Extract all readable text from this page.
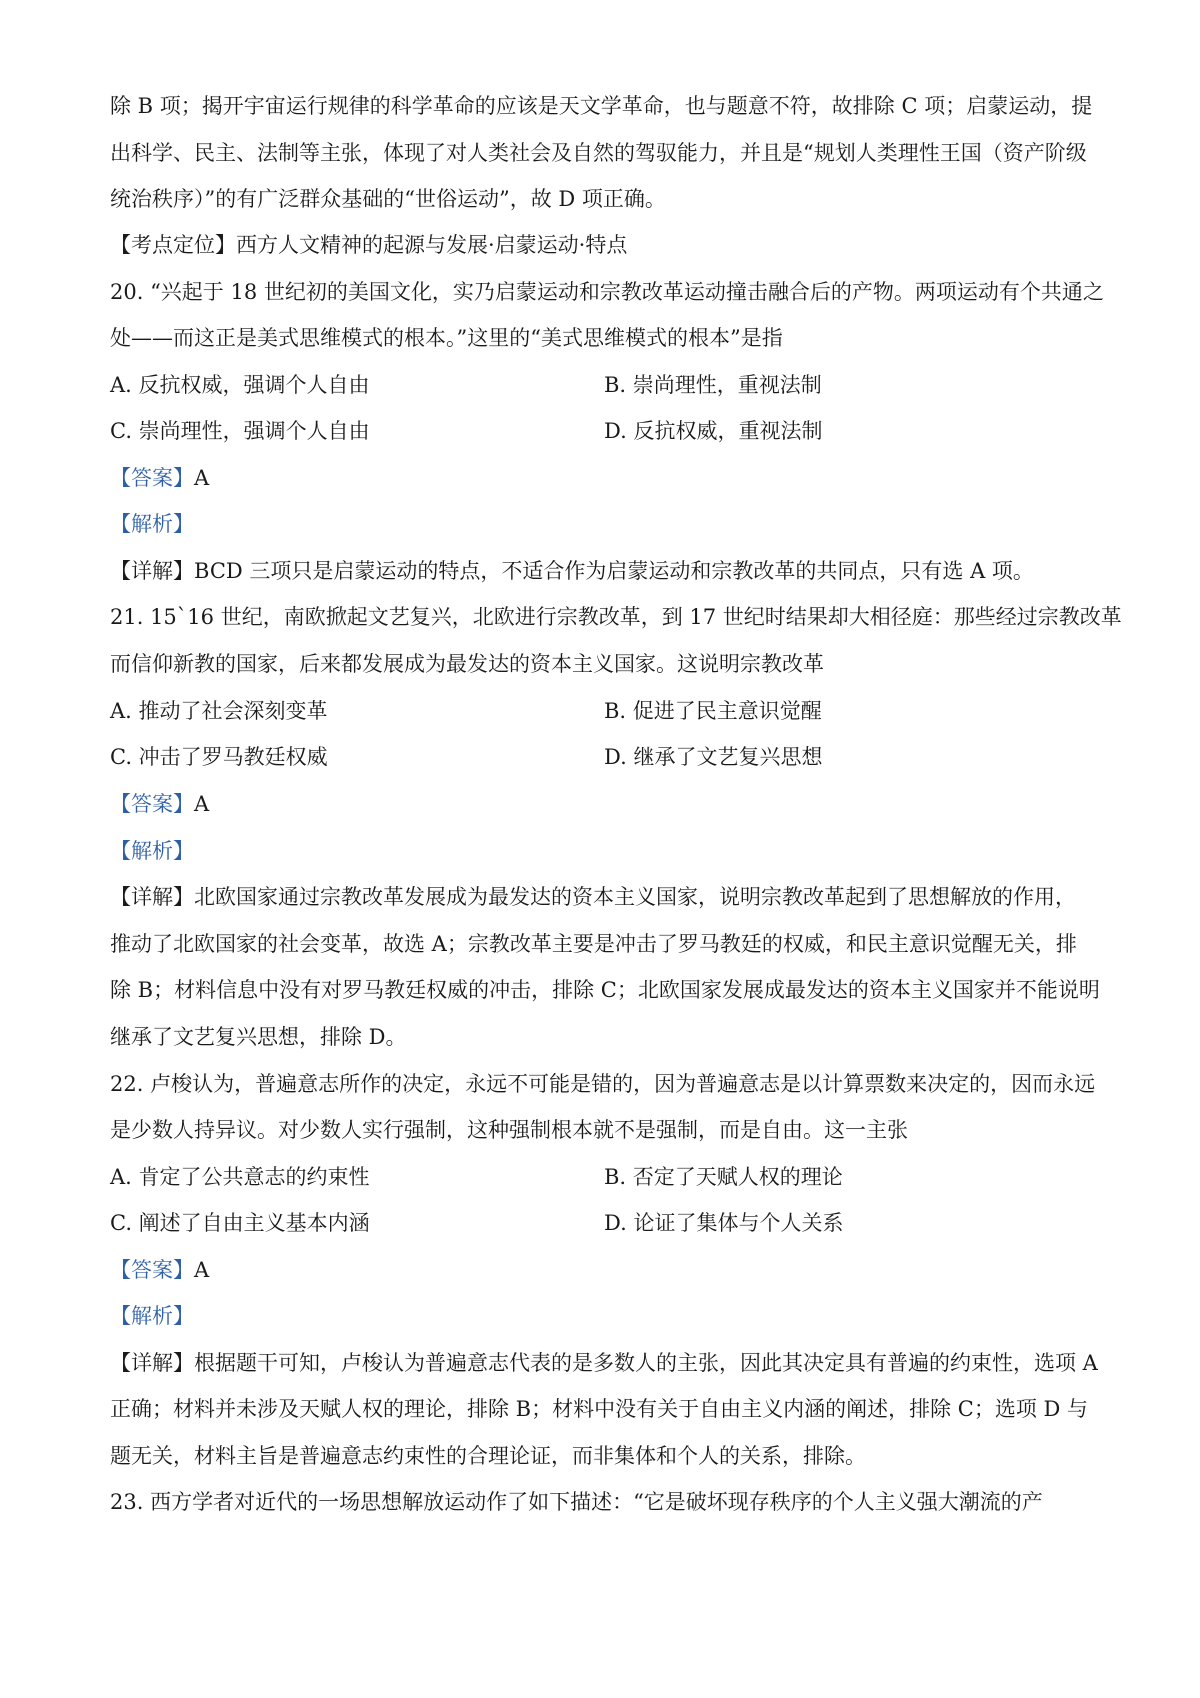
除 B 项；揭开宇宙运行规律的科学革命的应该是天文学革命，也与题意不符，故排除 C 项；启蒙运动，提
出科学、民主、法制等主张，体现了对人类社会及自然的驾驭能力，并且是“规划人类理性王国（资产阶级
统治秩序）”的有广泛群众基础的“世俗运动”，故 D 项正确。
【考点定位】西方人文精神的起源与发展·启蒙运动·特点
20. “兴起于 18 世纪初的美国文化，实乃启蒙运动和宗教改革运动撞击融合后的产物。两项运动有个共通之
处——而这正是美式思维模式的根本。”这里的“美式思维模式的根本”是指
A. 反抗权威，强调个人自由	B. 崇尚理性，重视法制
C. 崇尚理性，强调个人自由	D. 反抗权威，重视法制
【答案】A
【解析】
【详解】BCD 三项只是启蒙运动的特点，不适合作为启蒙运动和宗教改革的共同点，只有选 A 项。
21. 15`16 世纪，南欧掀起文艺复兴，北欧进行宗教改革，到 17 世纪时结果却大相径庭：那些经过宗教改革
而信仰新教的国家，后来都发展成为最发达的资本主义国家。这说明宗教改革
A. 推动了社会深刻变革	B. 促进了民主意识觉醒
C. 冲击了罗马教廷权威	D. 继承了文艺复兴思想
【答案】A
【解析】
【详解】北欧国家通过宗教改革发展成为最发达的资本主义国家，说明宗教改革起到了思想解放的作用，
推动了北欧国家的社会变革，故选 A；宗教改革主要是冲击了罗马教廷的权威，和民主意识觉醒无关，排
除 B；材料信息中没有对罗马教廷权威的冲击，排除 C；北欧国家发展成最发达的资本主义国家并不能说明
继承了文艺复兴思想，排除 D。
22. 卢梭认为，普遍意志所作的决定，永远不可能是错的，因为普遍意志是以计算票数来决定的，因而永远
是少数人持异议。对少数人实行强制，这种强制根本就不是强制，而是自由。这一主张
A. 肯定了公共意志的约束性	B. 否定了天赋人权的理论
C. 阐述了自由主义基本内涵	D. 论证了集体与个人关系
【答案】A
【解析】
【详解】根据题干可知，卢梭认为普遍意志代表的是多数人的主张，因此其决定具有普遍的约束性，选项 A
正确；材料并未涉及天赋人权的理论，排除 B；材料中没有关于自由主义内涵的阐述，排除 C；选项 D 与
题无关，材料主旨是普遍意志约束性的合理论证，而非集体和个人的关系，排除。
23. 西方学者对近代的一场思想解放运动作了如下描述：“它是破坏现存秩序的个人主义强大潮流的产
